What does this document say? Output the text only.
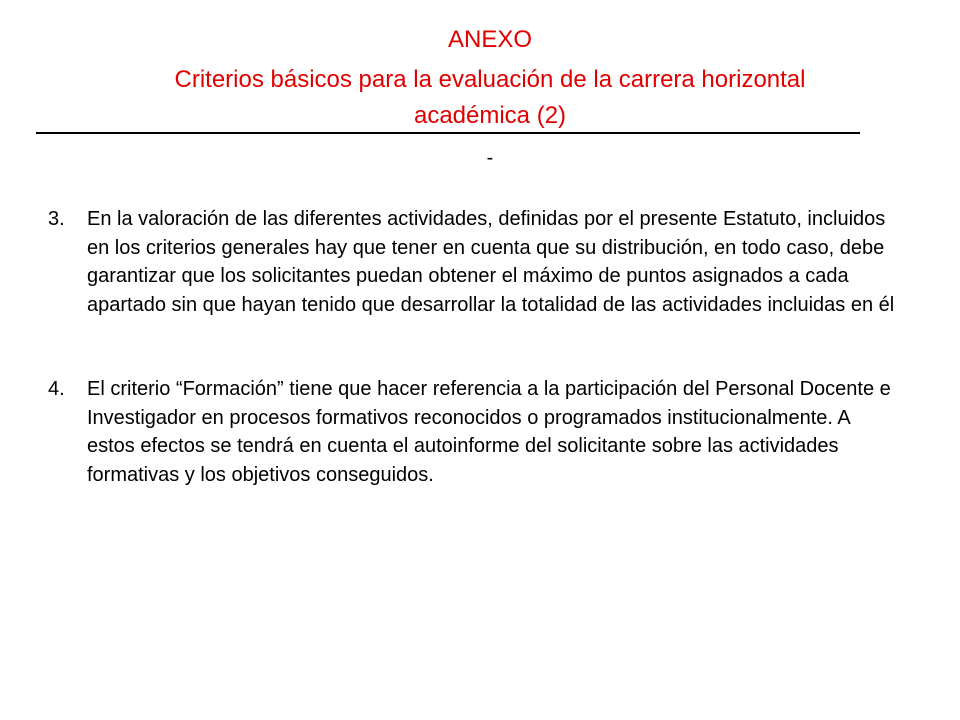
ANEXO
Criterios básicos para la evaluación de la carrera horizontal
académica (2)
-
3.	En la valoración de las diferentes actividades, definidas por el presente Estatuto, incluidos en los criterios generales hay que tener en cuenta que su distribución, en todo caso, debe garantizar que los solicitantes puedan obtener el máximo de puntos asignados a cada apartado sin que hayan tenido que desarrollar la totalidad de las actividades incluidas en él
4.	El criterio “Formación” tiene que hacer referencia a la participación del Personal Docente e Investigador en procesos formativos reconocidos o programados institucionalmente. A estos efectos se tendrá en cuenta el autoinforme del solicitante sobre las actividades formativas y los objetivos conseguidos.
